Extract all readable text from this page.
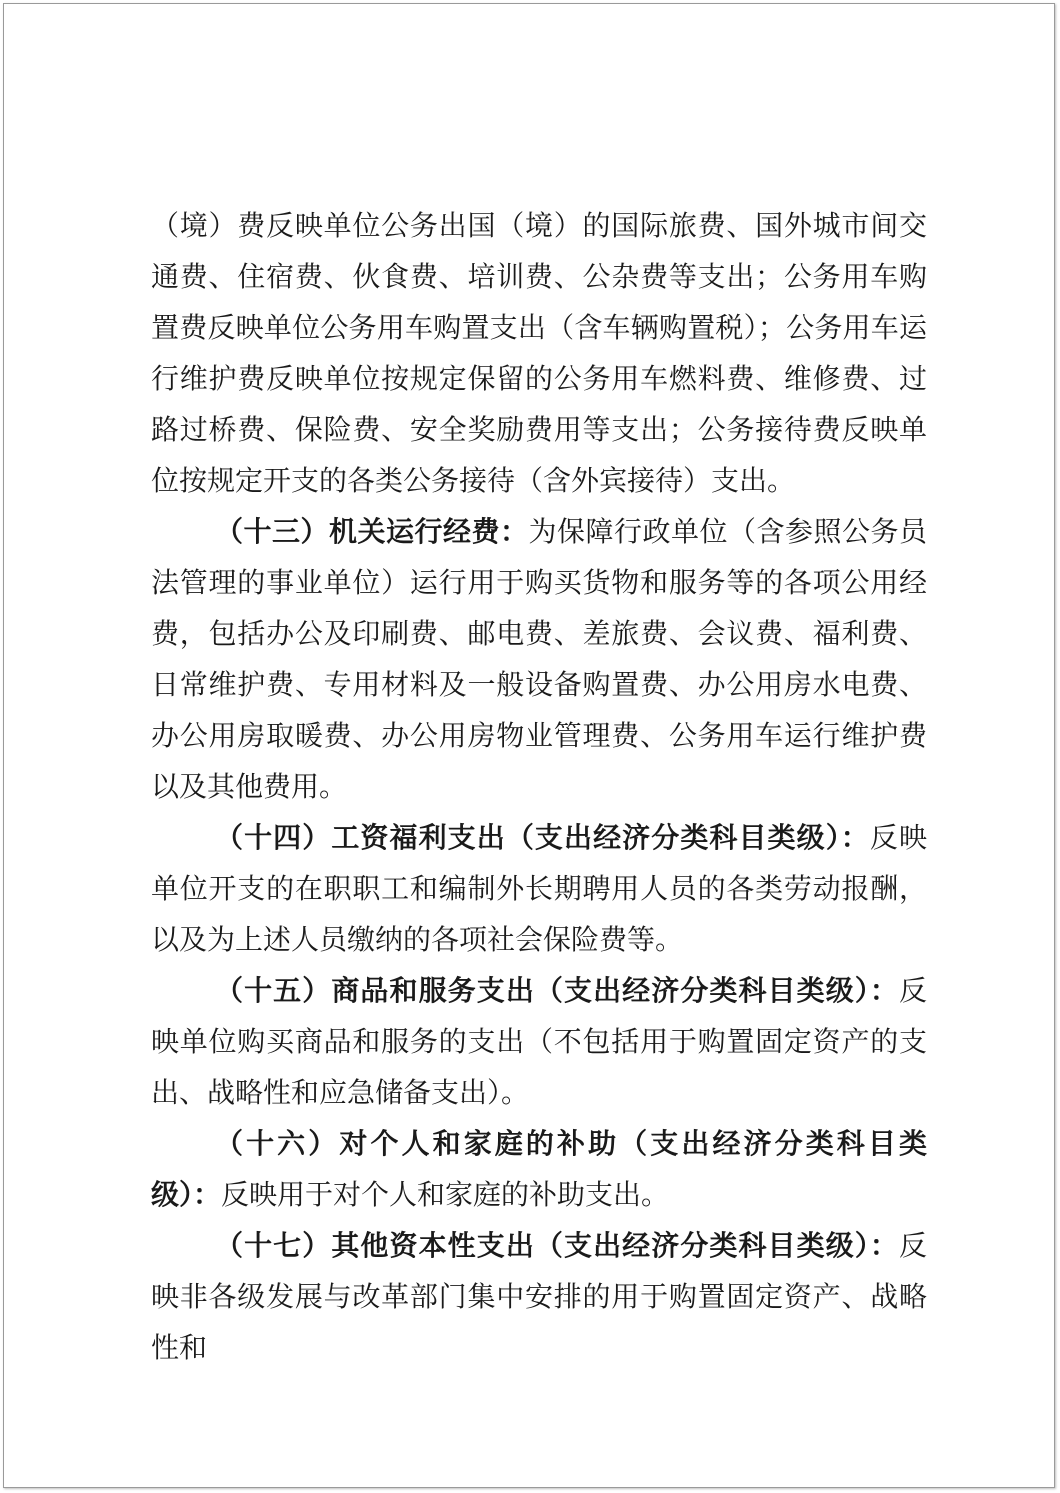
（境）费反映单位公务出国（境）的国际旅费、国外城市间交通费、住宿费、伙食费、培训费、公杂费等支出；公务用车购置费反映单位公务用车购置支出（含车辆购置税）；公务用车运行维护费反映单位按规定保留的公务用车燃料费、维修费、过路过桥费、保险费、安全奖励费用等支出；公务接待费反映单位按规定开支的各类公务接待（含外宾接待）支出。

（十三）机关运行经费：为保障行政单位（含参照公务员法管理的事业单位）运行用于购买货物和服务等的各项公用经费，包括办公及印刷费、邮电费、差旅费、会议费、福利费、日常维护费、专用材料及一般设备购置费、办公用房水电费、办公用房取暖费、办公用房物业管理费、公务用车运行维护费以及其他费用。

（十四）工资福利支出（支出经济分类科目类级）：反映单位开支的在职职工和编制外长期聘用人员的各类劳动报酬，以及为上述人员缴纳的各项社会保险费等。

（十五）商品和服务支出（支出经济分类科目类级）：反映单位购买商品和服务的支出（不包括用于购置固定资产的支出、战略性和应急储备支出）。

（十六）对个人和家庭的补助（支出经济分类科目类级）：反映用于对个人和家庭的补助支出。

（十七）其他资本性支出（支出经济分类科目类级）：反映非各级发展与改革部门集中安排的用于购置固定资产、战略性和
